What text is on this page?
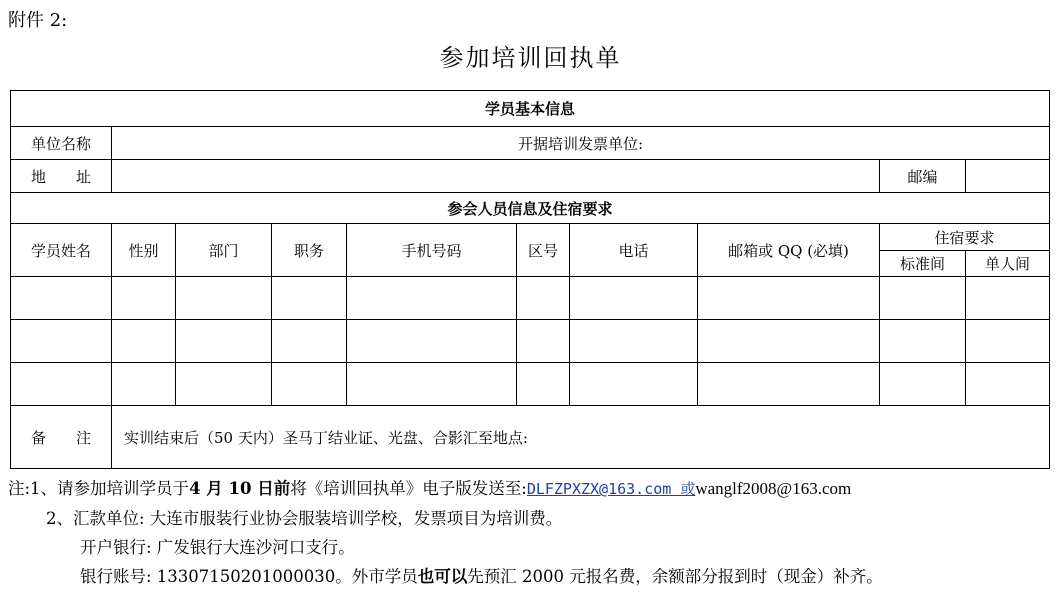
附件 2:
参加培训回执单
学员基本信息									
单位名称	开据培训发票单位:								
地　　址								邮编	
参会人员信息及住宿要求									
学员姓名	性别	部门	职务	手机号码	区号	电话	邮箱或 QQ (必填)	住宿要求	
								标准间	单人间

备　　注	实训结束后（50 天内）圣马丁结业证、光盘、合影汇至地点:								
注:1、请参加培训学员于4 月 10 日前将《培训回执单》电子版发送至:DLFZPXZX@163.com 或wanglf2008@163.com
2、汇款单位: 大连市服装行业协会服装培训学校，发票项目为培训费。
开户银行: 广发银行大连沙河口支行。
银行账号: 13307150201000030。外市学员也可以先预汇 2000 元报名费，余额部分报到时（现金）补齐。
